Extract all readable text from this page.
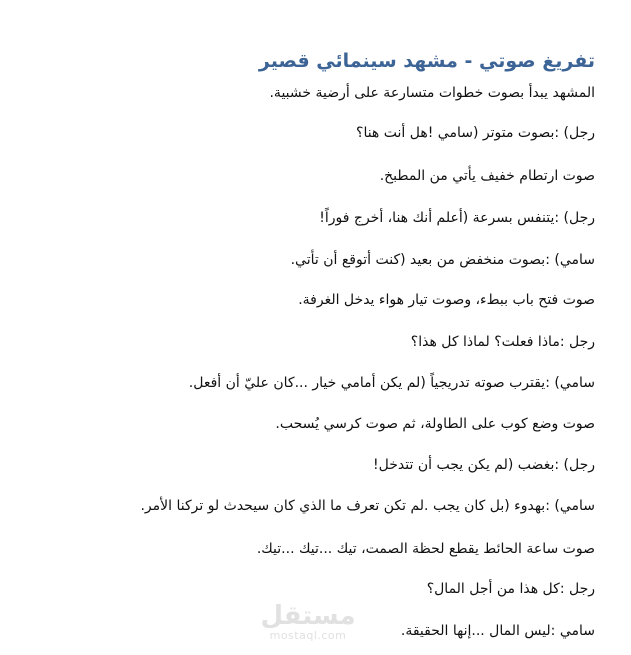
تفريغ صوتي - مشهد سينمائي قصير
المشهد يبدأ بصوت خطوات متسارعة على أرضية خشبية.
رجل) :بصوت متوتر (سامي !هل أنت هنا؟
صوت ارتطام خفيف يأتي من المطبخ.
رجل) :يتنفس بسرعة (أعلم أنك هنا، أخرج فوراً!
سامي) :بصوت منخفض من بعيد (كنت أتوقع أن تأتي.
صوت فتح باب ببطء، وصوت تيار هواء يدخل الغرفة.
رجل :ماذا فعلت؟ لماذا كل هذا؟
سامي) :يقترب صوته تدريجياً (لم يكن أمامي خيار ...كان عليّ أن أفعل.
صوت وضع كوب على الطاولة، ثم صوت كرسي يُسحب.
رجل) :بغضب (لم يكن يجب أن تتدخل!
سامي) :بهدوء (بل كان يجب .لم تكن تعرف ما الذي كان سيحدث لو تركنا الأمر.
صوت ساعة الحائط يقطع لحظة الصمت، تيك ...تيك ...تيك.
رجل :كل هذا من أجل المال؟
سامي :ليس المال ...إنها الحقيقة.
مستقل
mostaql.com
